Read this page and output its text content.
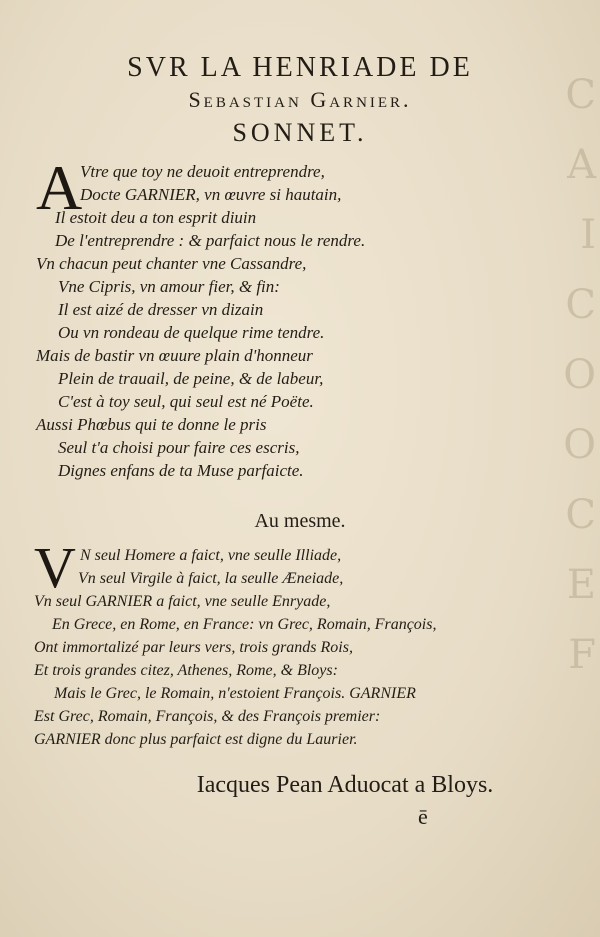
C
A
I
C
O
O
C
E
F
SVR LA HENRIADE DE
Sebastian Garnier.
SONNET.
A
Vtre que toy ne deuoit entreprendre,
Docte GARNIER, vn œuvre si hautain,
Il estoit deu a ton esprit diuin
De l'entreprendre : & parfaict nous le rendre.
Vn chacun peut chanter vne Cassandre,
Vne Cipris, vn amour fier, & fin:
Il est aizé de dresser vn dizain
Ou vn rondeau de quelque rime tendre.
Mais de bastir vn œuure plain d'honneur
Plein de trauail, de peine, & de labeur,
C'est à toy seul, qui seul est né Poëte.
Aussi Phœbus qui te donne le pris
Seul t'a choisi pour faire ces escris,
Dignes enfans de ta Muse parfaicte.
Au mesme.
V N seul Homere a faict, vne seulle Illiade,
Vn seul Virgile à faict, la seulle Æneiade,
Vn seul GARNIER a faict, vne seulle Enryade,
En Grece, en Rome, en France: vn Grec, Romain, François,
Ont immortalizé par leurs vers, trois grands Rois,
Et trois grandes citez, Athenes, Rome, & Bloys:
Mais le Grec, le Romain, n'estoient François. GARNIER
Est Grec, Romain, François, & des François premier:
GARNIER donc plus parfaict est digne du Laurier.
Iacques Pean Aduocat a Bloys.
ē
